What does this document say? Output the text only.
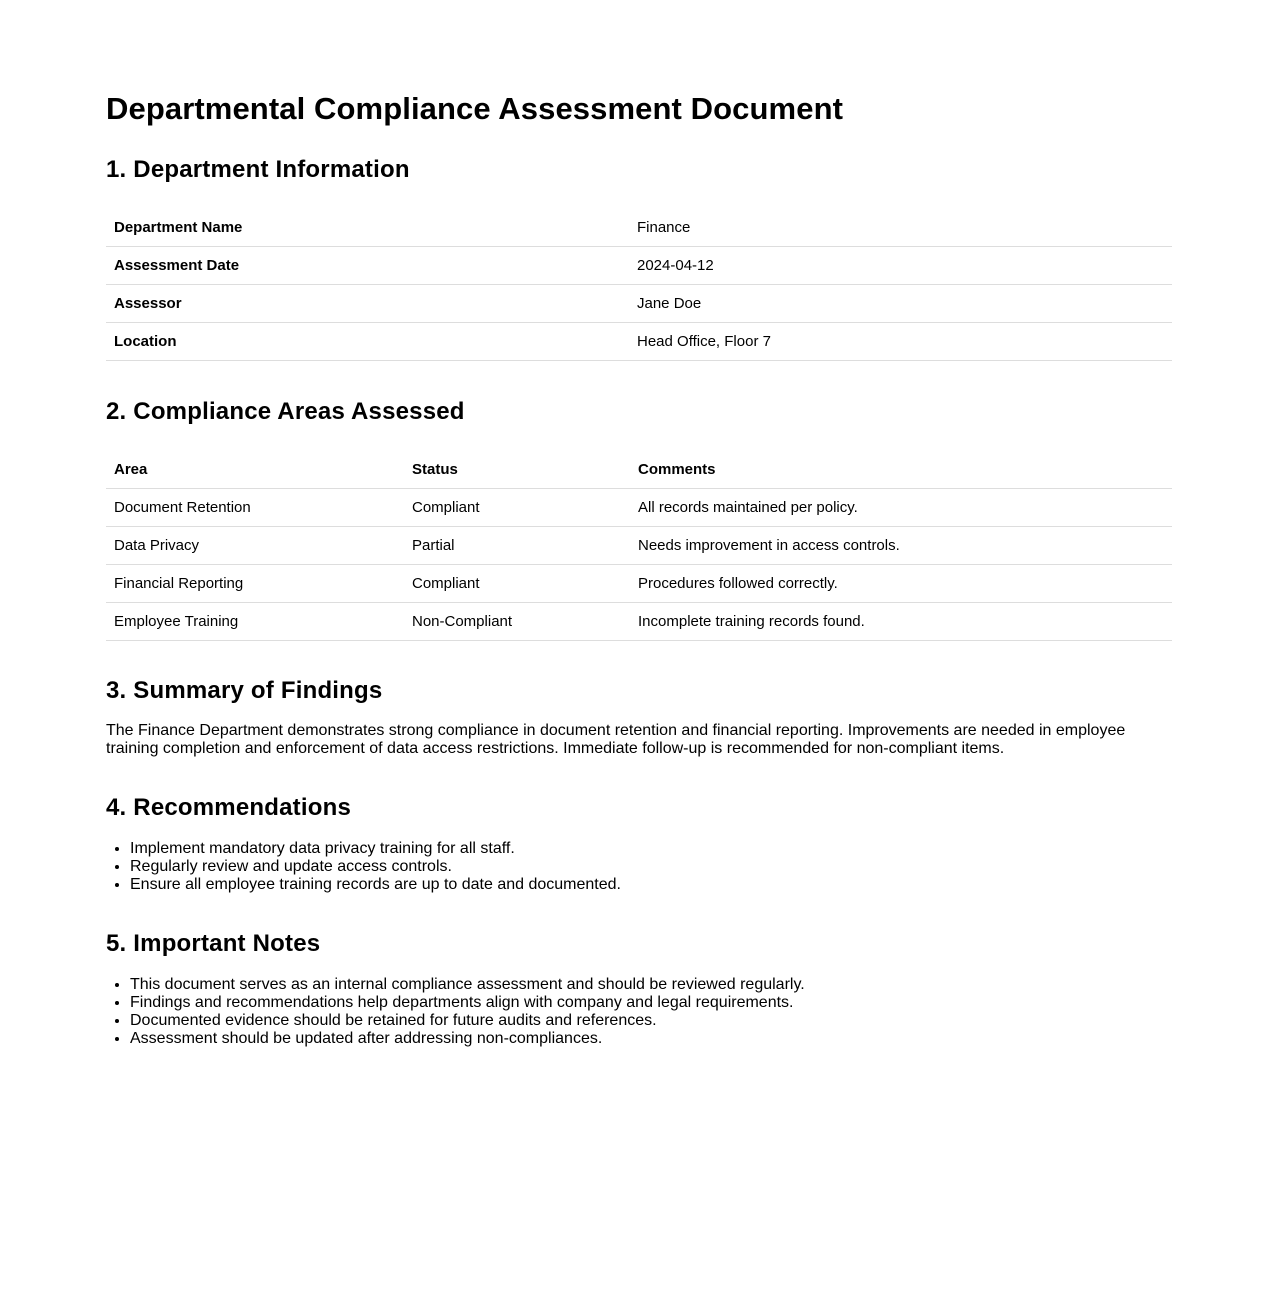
Departmental Compliance Assessment Document
1. Department Information
Department Name	Finance
Assessment Date	2024-04-12
Assessor	Jane Doe
Location	Head Office, Floor 7
2. Compliance Areas Assessed
Area	Status	Comments
Document Retention	Compliant	All records maintained per policy.
Data Privacy	Partial	Needs improvement in access controls.
Financial Reporting	Compliant	Procedures followed correctly.
Employee Training	Non-Compliant	Incomplete training records found.
3. Summary of Findings

The Finance Department demonstrates strong compliance in document retention and financial reporting. Improvements are needed in employee training completion and enforcement of data access restrictions. Immediate follow-up is recommended for non-compliant items.

4. Recommendations
• Implement mandatory data privacy training for all staff.
• Regularly review and update access controls.
• Ensure all employee training records are up to date and documented.
5. Important Notes
• This document serves as an internal compliance assessment and should be reviewed regularly.
• Findings and recommendations help departments align with company and legal requirements.
• Documented evidence should be retained for future audits and references.
• Assessment should be updated after addressing non-compliances.
